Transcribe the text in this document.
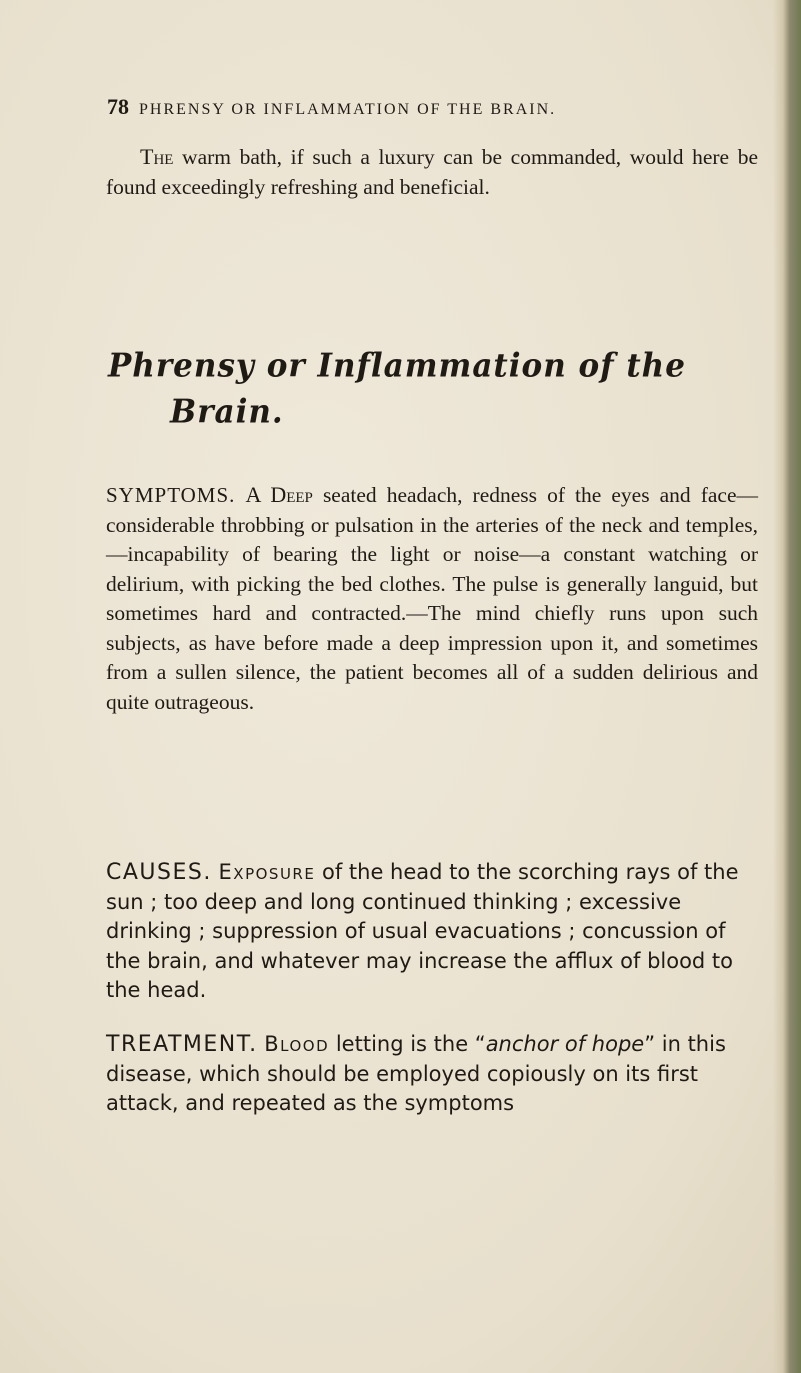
78 PHRENSY OR INFLAMMATION OF THE BRAIN.

The warm bath, if such a luxury can be commanded, would here be found exceedingly refreshing and beneficial.

Phrensy or Inflammation of the
Brain.

SYMPTOMS. A Deep seated headach, redness of the eyes and face—considerable throbbing or pulsation in the arteries of the neck and temples,—incapability of bearing the light or noise—a constant watching or delirium, with picking the bed clothes. The pulse is generally languid, but sometimes hard and contracted.—The mind chiefly runs upon such subjects, as have before made a deep impression upon it, and sometimes from a sullen silence, the patient becomes all of a sudden delirious and quite outrageous.

CAUSES. Exposure of the head to the scorching rays of the sun ; too deep and long continued thinking ; excessive drinking ; suppression of usual evacuations ; concussion of the brain, and whatever may increase the afflux of blood to the head.

TREATMENT. Blood letting is the “anchor of hope” in this disease, which should be employed copiously on its first attack, and repeated as the symptoms
